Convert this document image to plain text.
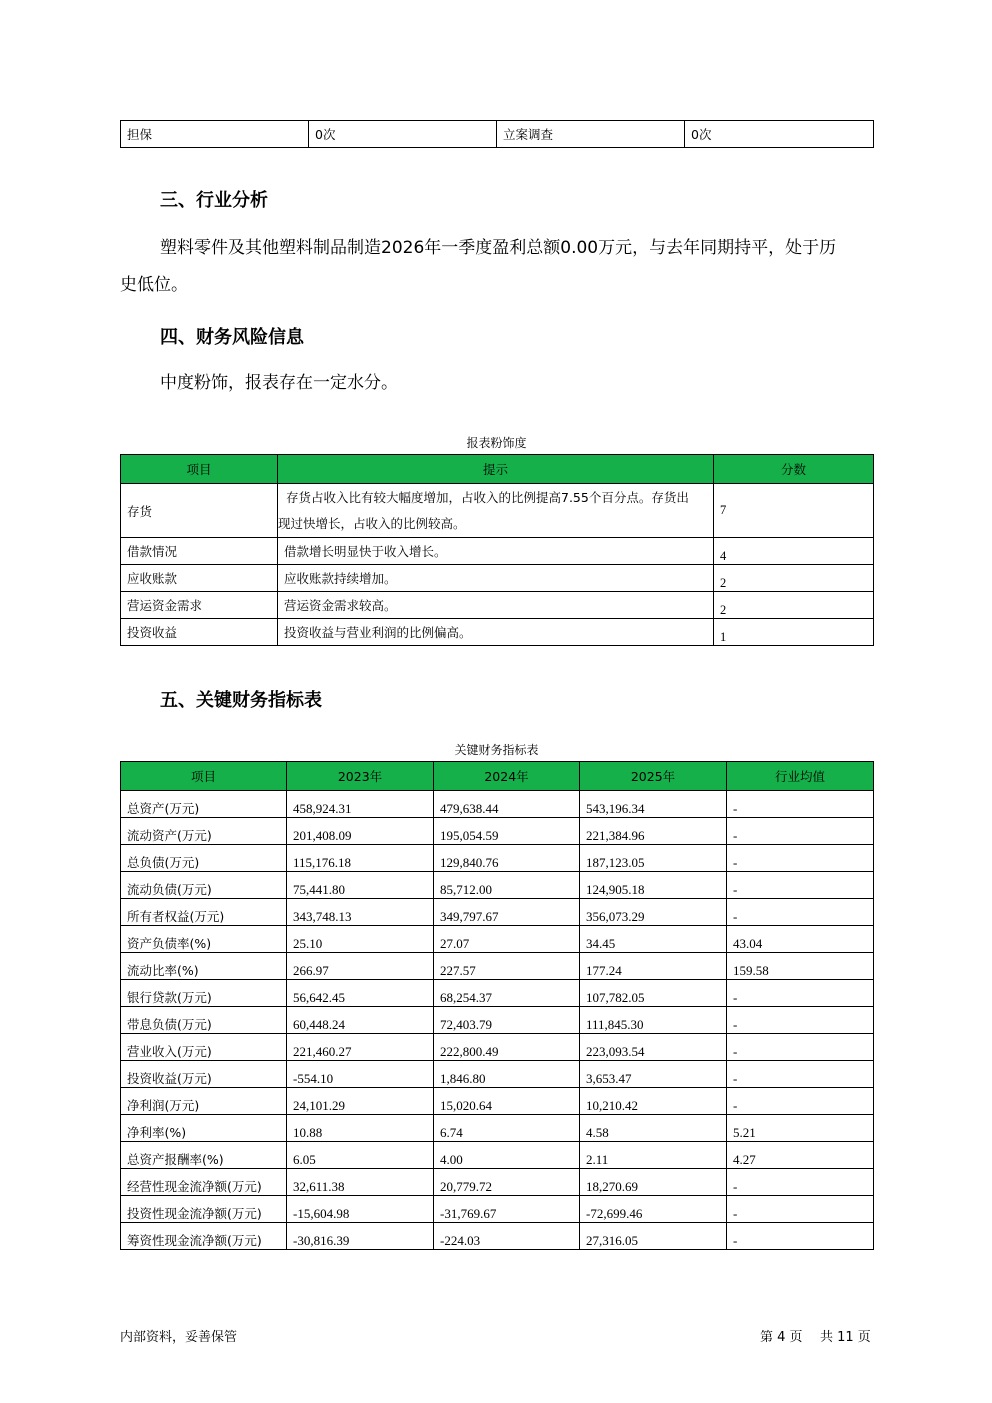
担保	0次	立案调查	0次
三、行业分析
塑料零件及其他塑料制品制造2026年一季度盈利总额0.00万元，与去年同期持平，处于历
史低位。
四、财务风险信息
中度粉饰，报表存在一定水分。
报表粉饰度
项目	提示	分数
存货	存货占收入比有较大幅度增加，占收入的比例提高7.55个百分点。存货出
现过快增长，占收入的比例较高。	7
借款情况	借款增长明显快于收入增长。	4
应收账款	应收账款持续增加。	2
营运资金需求	营运资金需求较高。	2
投资收益	投资收益与营业利润的比例偏高。	1
五、关键财务指标表
关键财务指标表
项目	2023年	2024年	2025年	行业均值
总资产(万元)	458,924.31	479,638.44	543,196.34	-
流动资产(万元)	201,408.09	195,054.59	221,384.96	-
总负债(万元)	115,176.18	129,840.76	187,123.05	-
流动负债(万元)	75,441.80	85,712.00	124,905.18	-
所有者权益(万元)	343,748.13	349,797.67	356,073.29	-
资产负债率(%)	25.10	27.07	34.45	43.04
流动比率(%)	266.97	227.57	177.24	159.58
银行贷款(万元)	56,642.45	68,254.37	107,782.05	-
带息负债(万元)	60,448.24	72,403.79	111,845.30	-
营业收入(万元)	221,460.27	222,800.49	223,093.54	-
投资收益(万元)	-554.10	1,846.80	3,653.47	-
净利润(万元)	24,101.29	15,020.64	10,210.42	-
净利率(%)	10.88	6.74	4.58	5.21
总资产报酬率(%)	6.05	4.00	2.11	4.27
经营性现金流净额(万元)	32,611.38	20,779.72	18,270.69	-
投资性现金流净额(万元)	-15,604.98	-31,769.67	-72,699.46	-
筹资性现金流净额(万元)	-30,816.39	-224.03	27,316.05	-
内部资料，妥善保管	第 4 页 共 11 页
